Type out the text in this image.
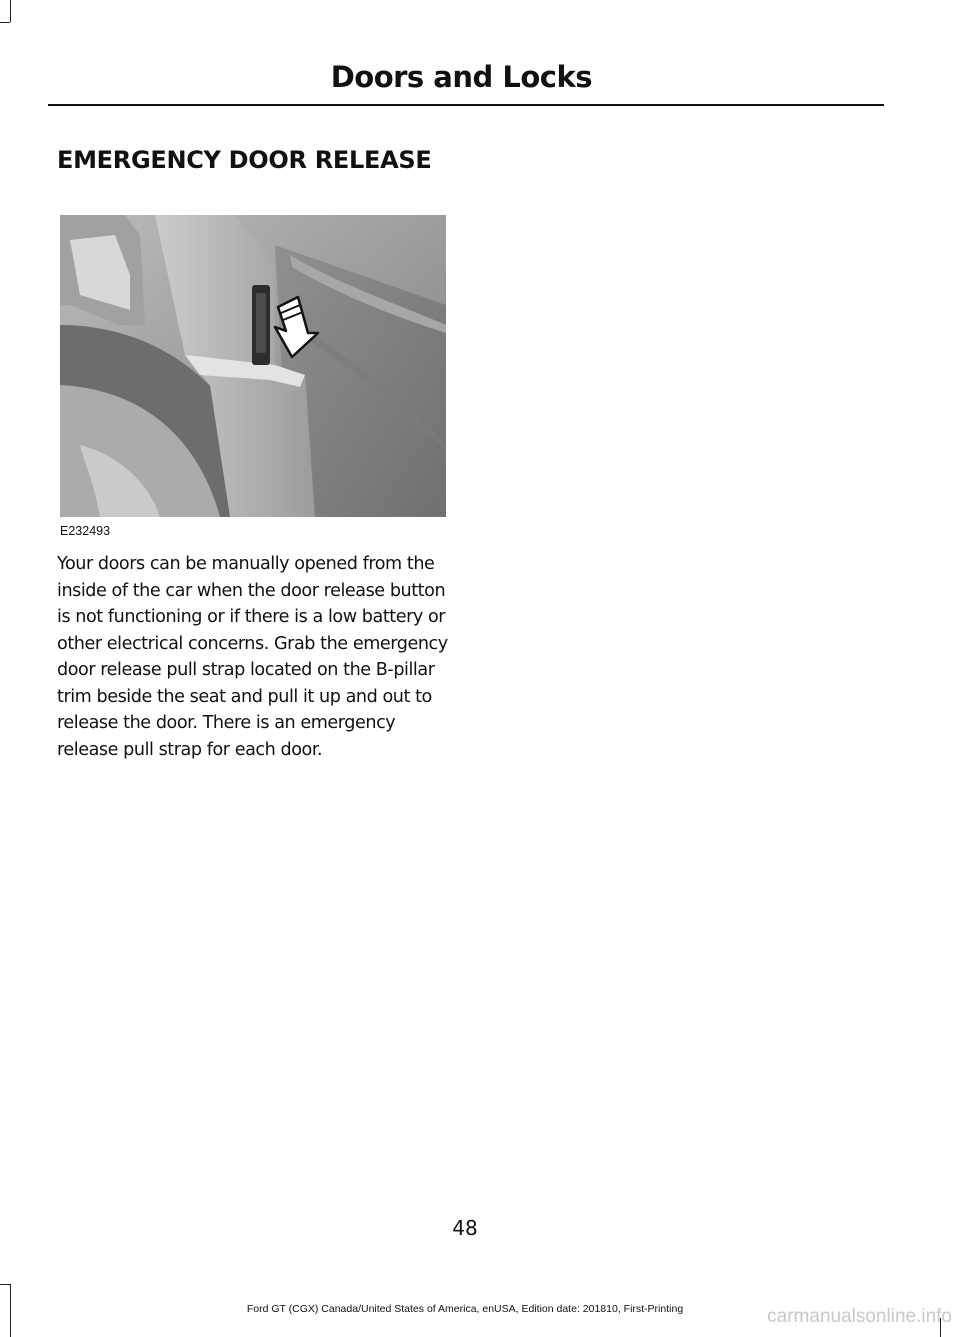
Doors and Locks
EMERGENCY DOOR RELEASE
E232493

Your doors can be manually opened from the inside of the car when the door release button is not functioning or if there is a low battery or other electrical concerns. Grab the emergency door release pull strap located on the B-pillar trim beside the seat and pull it up and out to release the door. There is an emergency release pull strap for each door.

48
Ford GT (CGX) Canada/United States of America, enUSA, Edition date: 201810, First-Printing	carmanualsonline.info
